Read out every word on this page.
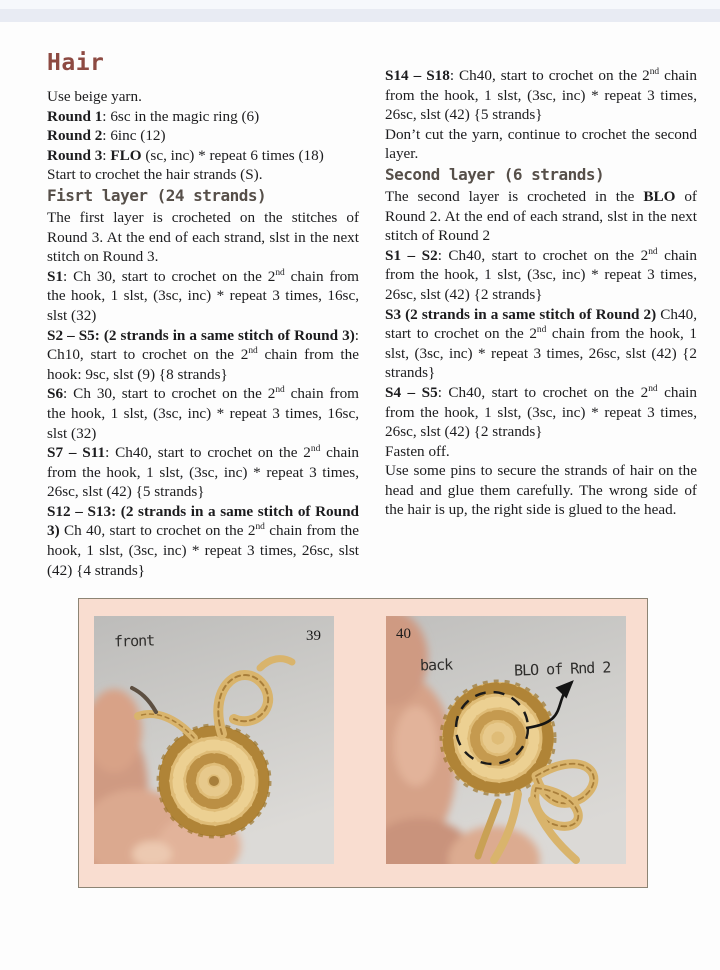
Hair
Use beige yarn.
Round 1: 6sc in the magic ring (6)
Round 2: 6inc (12)
Round 3: FLO (sc, inc) * repeat 6 times (18)
Start to crochet the hair strands (S).
Fisrt layer (24 strands)
The first layer is crocheted on the stitches of Round 3. At the end of each strand, slst in the next stitch on Round 3.
S1: Ch 30, start to crochet on the 2nd chain from the hook, 1 slst, (3sc, inc) * repeat 3 times, 16sc, slst (32)
S2 – S5: (2 strands in a same stitch of Round 3): Ch10, start to crochet on the 2nd chain from the hook: 9sc, slst (9) {8 strands}
S6: Ch 30, start to crochet on the 2nd chain from the hook, 1 slst, (3sc, inc) * repeat 3 times, 16sc, slst (32)
S7 – S11: Ch40, start to crochet on the 2nd chain from the hook, 1 slst, (3sc, inc) * repeat 3 times, 26sc, slst (42) {5 strands}
S12 – S13: (2 strands in a same stitch of Round 3) Ch 40, start to crochet on the 2nd chain from the hook, 1 slst, (3sc, inc) * repeat 3 times, 26sc, slst (42) {4 strands}
S14 – S18: Ch40, start to crochet on the 2nd chain from the hook, 1 slst, (3sc, inc) * repeat 3 times, 26sc, slst (42) {5 strands}
Don’t cut the yarn, continue to crochet the second layer.
Second layer (6 strands)
The second layer is crocheted in the BLO of Round 2. At the end of each strand, slst in the next stitch of Round 2
S1 – S2: Ch40, start to crochet on the 2nd chain from the hook, 1 slst, (3sc, inc) * repeat 3 times, 26sc, slst (42) {2 strands}
S3 (2 strands in a same stitch of Round 2) Ch40, start to crochet on the 2nd chain from the hook, 1 slst, (3sc, inc) * repeat 3 times, 26sc, slst (42) {2 strands}
S4 – S5: Ch40, start to crochet on the 2nd chain from the hook, 1 slst, (3sc, inc) * repeat 3 times, 26sc, slst (42) {2 strands}
Fasten off.
Use some pins to secure the strands of hair on the head and glue them carefully. The wrong side of the hair is up, the right side is glued to the head.
front	39	40
back	BLO of Rnd 2
